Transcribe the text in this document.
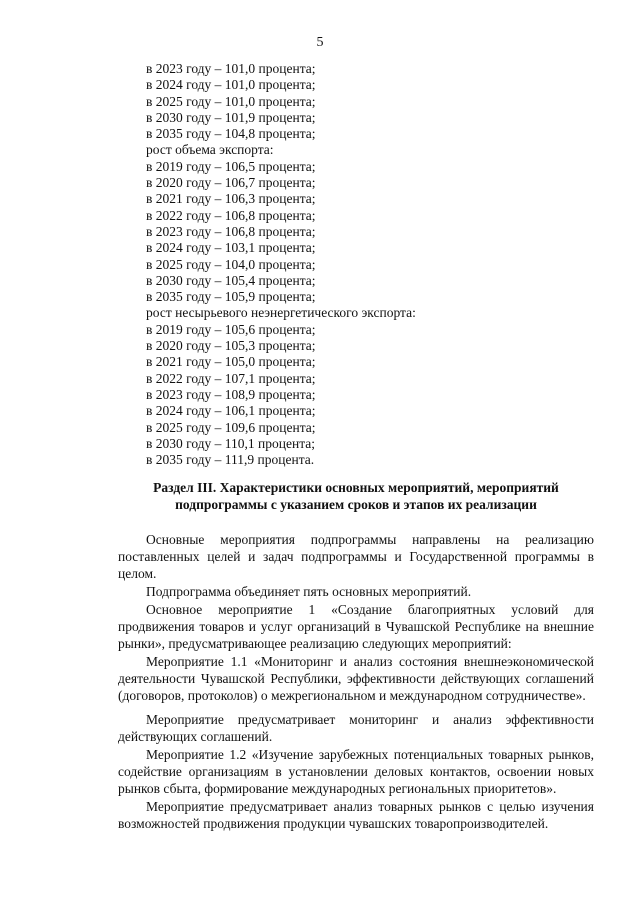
5
в 2023 году – 101,0 процента;
в 2024 году – 101,0 процента;
в 2025 году – 101,0 процента;
в 2030 году – 101,9 процента;
в 2035 году – 104,8 процента;
рост объема экспорта:
в 2019 году – 106,5 процента;
в 2020 году – 106,7 процента;
в 2021 году – 106,3 процента;
в 2022 году – 106,8 процента;
в 2023 году – 106,8 процента;
в 2024 году – 103,1 процента;
в 2025 году – 104,0 процента;
в 2030 году – 105,4 процента;
в 2035 году – 105,9 процента;
рост несырьевого неэнергетического экспорта:
в 2019 году – 105,6 процента;
в 2020 году – 105,3 процента;
в 2021 году – 105,0 процента;
в 2022 году – 107,1 процента;
в 2023 году – 108,9 процента;
в 2024 году – 106,1 процента;
в 2025 году – 109,6 процента;
в 2030 году – 110,1 процента;
в 2035 году – 111,9 процента.
Раздел III. Характеристики основных мероприятий, мероприятий
подпрограммы с указанием сроков и этапов их реализации

Основные мероприятия подпрограммы направлены на реализацию поставленных целей и задач подпрограммы и Государственной программы в целом.

Подпрограмма объединяет пять основных мероприятий.

Основное мероприятие 1 «Создание благоприятных условий для продвижения товаров и услуг организаций в Чувашской Республике на внешние рынки», предусматривающее реализацию следующих мероприятий:

Мероприятие 1.1 «Мониторинг и анализ состояния внешнеэкономической деятельности Чувашской Республики, эффективности действующих соглашений (договоров, протоколов) о межрегиональном и международном сотрудничестве».

Мероприятие предусматривает мониторинг и анализ эффективности действующих соглашений.

Мероприятие 1.2 «Изучение зарубежных потенциальных товарных рынков, содействие организациям в установлении деловых контактов, освоении новых рынков сбыта, формирование международных региональных приоритетов».

Мероприятие предусматривает анализ товарных рынков с целью изучения возможностей продвижения продукции чувашских товаропроизводителей.
